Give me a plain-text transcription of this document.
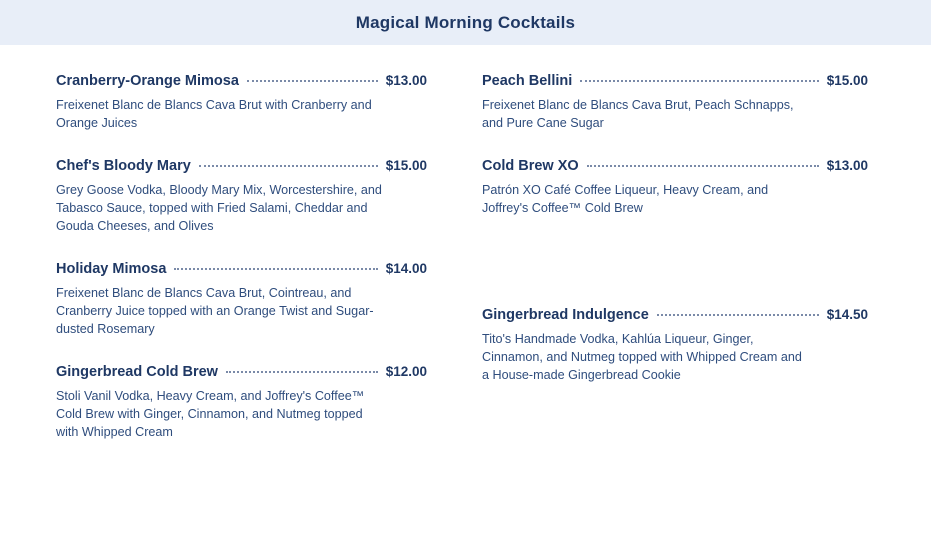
Magical Morning Cocktails
Cranberry-Orange Mimosa	$13.00
Freixenet Blanc de Blancs Cava Brut with Cranberry and Orange Juices
Chef's Bloody Mary	$15.00
Grey Goose Vodka, Bloody Mary Mix, Worcestershire, and Tabasco Sauce, topped with Fried Salami, Cheddar and Gouda Cheeses, and Olives
Holiday Mimosa	$14.00
Freixenet Blanc de Blancs Cava Brut, Cointreau, and Cranberry Juice topped with an Orange Twist and Sugar-dusted Rosemary
Gingerbread Cold Brew	$12.00
Stoli Vanil Vodka, Heavy Cream, and Joffrey's Coffee™ Cold Brew with Ginger, Cinnamon, and Nutmeg topped with Whipped Cream
Peach Bellini	$15.00
Freixenet Blanc de Blancs Cava Brut, Peach Schnapps, and Pure Cane Sugar
Cold Brew XO	$13.00
Patrón XO Café Coffee Liqueur, Heavy Cream, and Joffrey's Coffee™ Cold Brew
Gingerbread Indulgence	$14.50
Tito's Handmade Vodka, Kahlúa Liqueur, Ginger, Cinnamon, and Nutmeg topped with Whipped Cream and a House-made Gingerbread Cookie
